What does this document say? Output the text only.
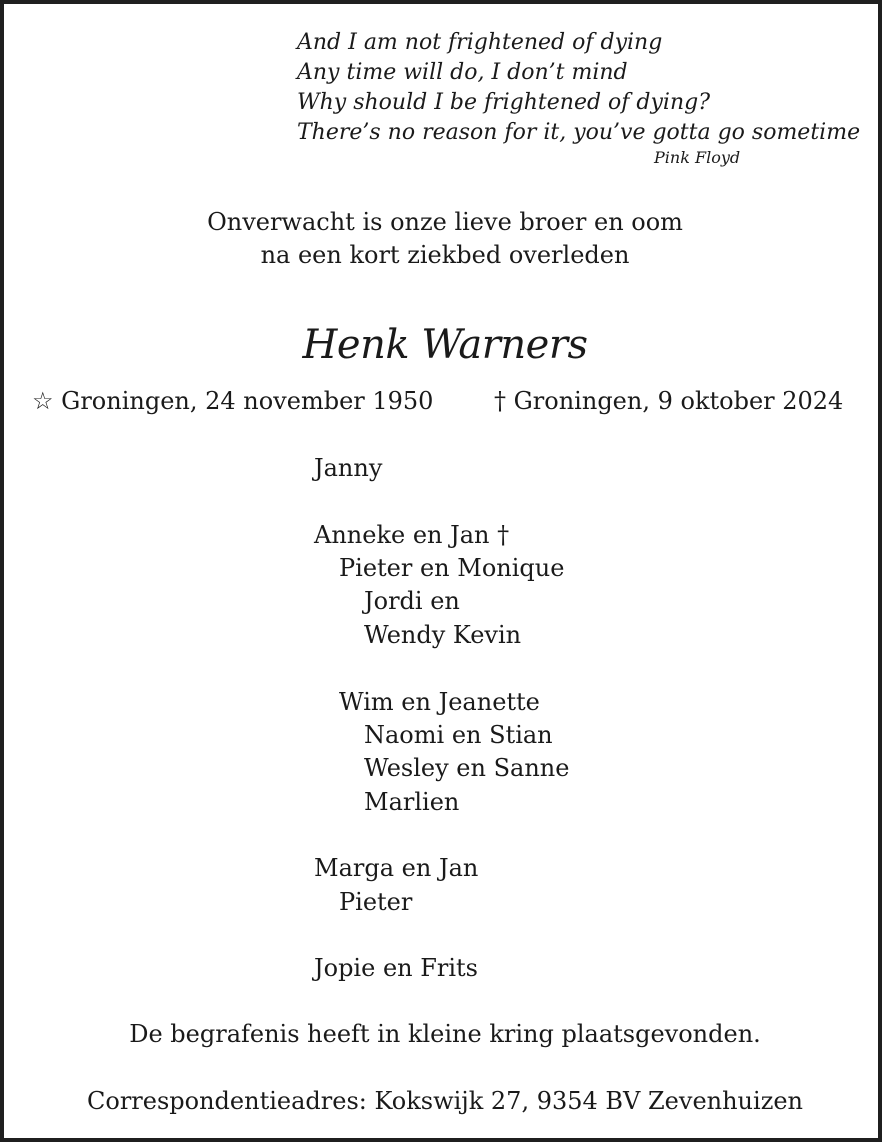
And I am not frightened of dying
Any time will do, I don’t mind
Why should I be frightened of dying?
There’s no reason for it, you’ve gotta go sometime
Pink Floyd
Onverwacht is onze lieve broer en oom
na een kort ziekbed overleden
Henk Warners
☆ Groningen, 24 november 1950	† Groningen, 9 oktober 2024
Janny
Anneke en Jan †
Pieter en Monique
Jordi en
Wendy Kevin
Wim en Jeanette
Naomi en Stian
Wesley en Sanne
Marlien
Marga en Jan
Pieter
Jopie en Frits
De begrafenis heeft in kleine kring plaatsgevonden.
Correspondentieadres: Kokswijk 27, 9354 BV Zevenhuizen
